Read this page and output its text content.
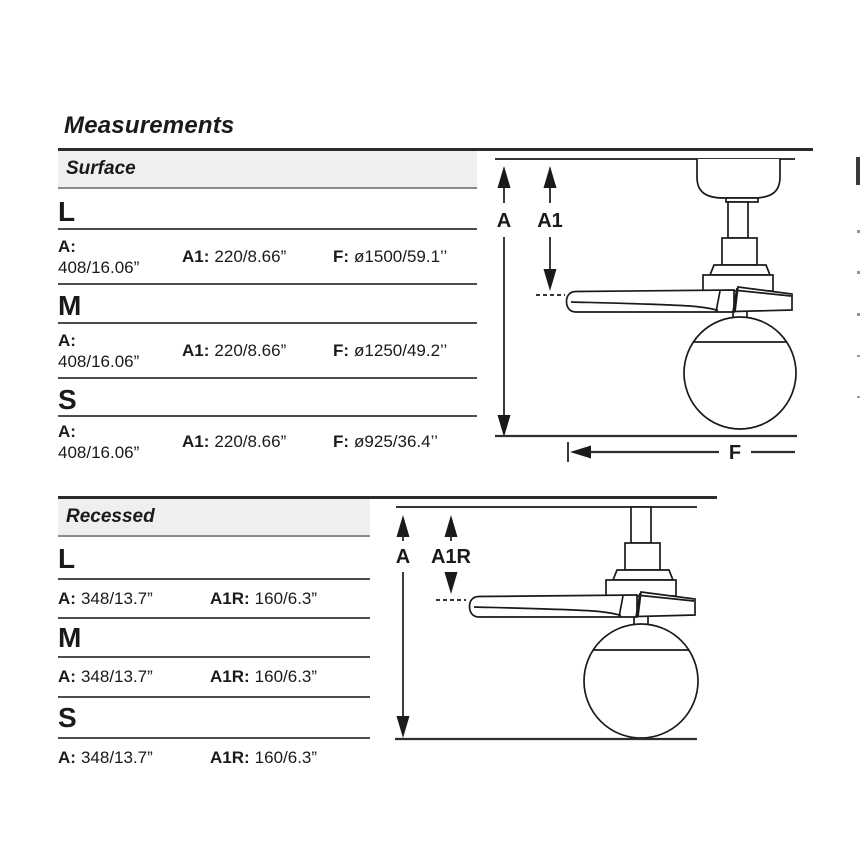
Measurements
Surface
L
A:
408/16.06”
A1: 220/8.66”	F: ø1500/59.1’’
M
A:
408/16.06”
A1: 220/8.66”	F: ø1250/49.2’’
S
A:
408/16.06”
A1: 220/8.66”	F: ø925/36.4’’
A A1
F
Recessed
L
A: 348/13.7”	A1R: 160/6.3”
M
A: 348/13.7”	A1R: 160/6.3”
S
A: 348/13.7”	A1R: 160/6.3”
A A1R
